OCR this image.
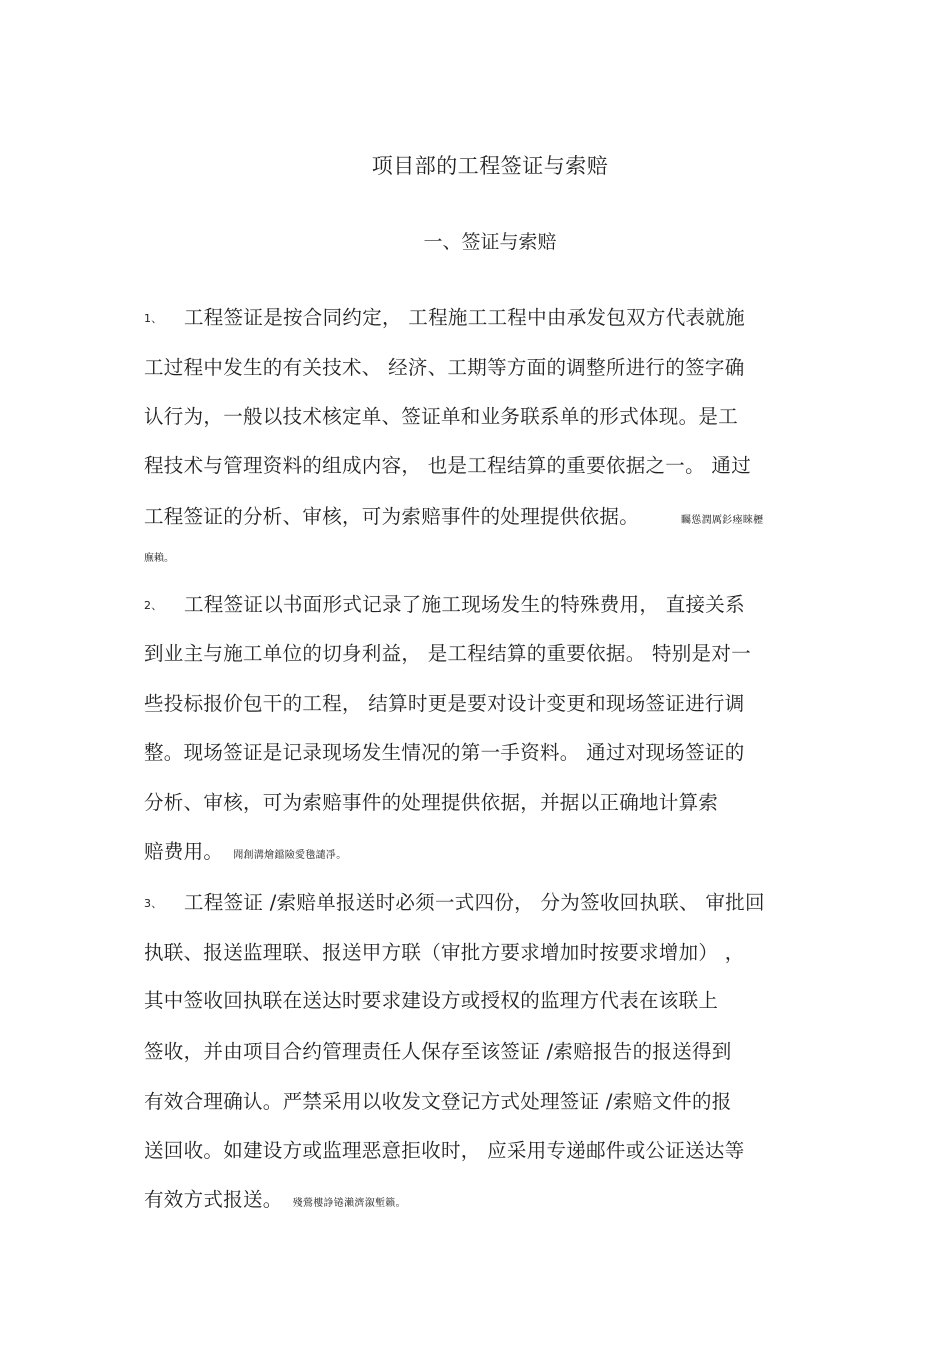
项目部的工程签证与索赔
一、签证与索赔
1、 工程签证是按合同约定， 工程施工工程中由承发包双方代表就施
工过程中发生的有关技术、 经济、工期等方面的调整所进行的签字确
认行为，一般以技术核定单、签证单和业务联系单的形式体现。是工
程技术与管理资料的组成内容， 也是工程结算的重要依据之一。 通过
工程签证的分析、审核，可为索赔事件的处理提供依据。	矚慫潤厲釤瘞睞櫪
廡賴。
2、 工程签证以书面形式记录了施工现场发生的特殊费用， 直接关系
到业主与施工单位的切身利益， 是工程结算的重要依据。 特别是对一
些投标报价包干的工程， 结算时更是要对设计变更和现场签证进行调
整。现场签证是记录现场发生情况的第一手资料。 通过对现场签证的
分析、审核，可为索赔事件的处理提供依据，并据以正确地计算索
赔费用。 聞創溝燴鐺險愛氌譴凈。
3、 工程签证 /索赔单报送时必须一式四份， 分为签收回执联、 审批回
执联、报送监理联、报送甲方联（审批方要求增加时按要求增加） ，
其中签收回执联在送达时要求建设方或授权的监理方代表在该联上
签收，并由项目合约管理责任人保存至该签证 /索赔报告的报送得到
有效合理确认。严禁采用以收发文登记方式处理签证 /索赔文件的报
送回收。如建设方或监理恶意拒收时， 应采用专递邮件或公证送达等
有效方式报送。 殘鶯樓諍锩瀨濟溆塹籟。
